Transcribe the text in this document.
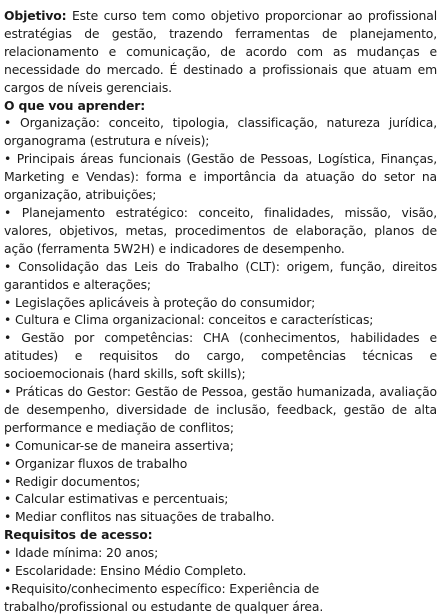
Objetivo: Este curso tem como objetivo proporcionar ao profissional estratégias de gestão, trazendo ferramentas de planejamento, relacionamento e comunicação, de acordo com as mudanças e necessidade do mercado. É destinado a profissionais que atuam em cargos de níveis gerenciais.

O que vou aprender:
• Organização: conceito, tipologia, classificação, natureza jurídica, organograma (estrutura e níveis);
• Principais áreas funcionais (Gestão de Pessoas, Logística, Finanças, Marketing e Vendas): forma e importância da atuação do setor na organização, atribuições;
• Planejamento estratégico: conceito, finalidades, missão, visão, valores, objetivos, metas, procedimentos de elaboração, planos de ação (ferramenta 5W2H) e indicadores de desempenho.
• Consolidação das Leis do Trabalho (CLT): origem, função, direitos garantidos e alterações;
• Legislações aplicáveis à proteção do consumidor;
• Cultura e Clima organizacional: conceitos e características;
• Gestão por competências: CHA (conhecimentos, habilidades e atitudes) e requisitos do cargo, competências técnicas e socioemocionais (hard skills, soft skills);
• Práticas do Gestor: Gestão de Pessoa, gestão humanizada, avaliação de desempenho, diversidade de inclusão, feedback, gestão de alta performance e mediação de conflitos;
• Comunicar-se de maneira assertiva;
• Organizar fluxos de trabalho
• Redigir documentos;
• Calcular estimativas e percentuais;
• Mediar conflitos nas situações de trabalho.
Requisitos de acesso:
• Idade mínima: 20 anos;
• Escolaridade: Ensino Médio Completo.
•Requisito/conhecimento específico: Experiência de trabalho/profissional ou estudante de qualquer área.
